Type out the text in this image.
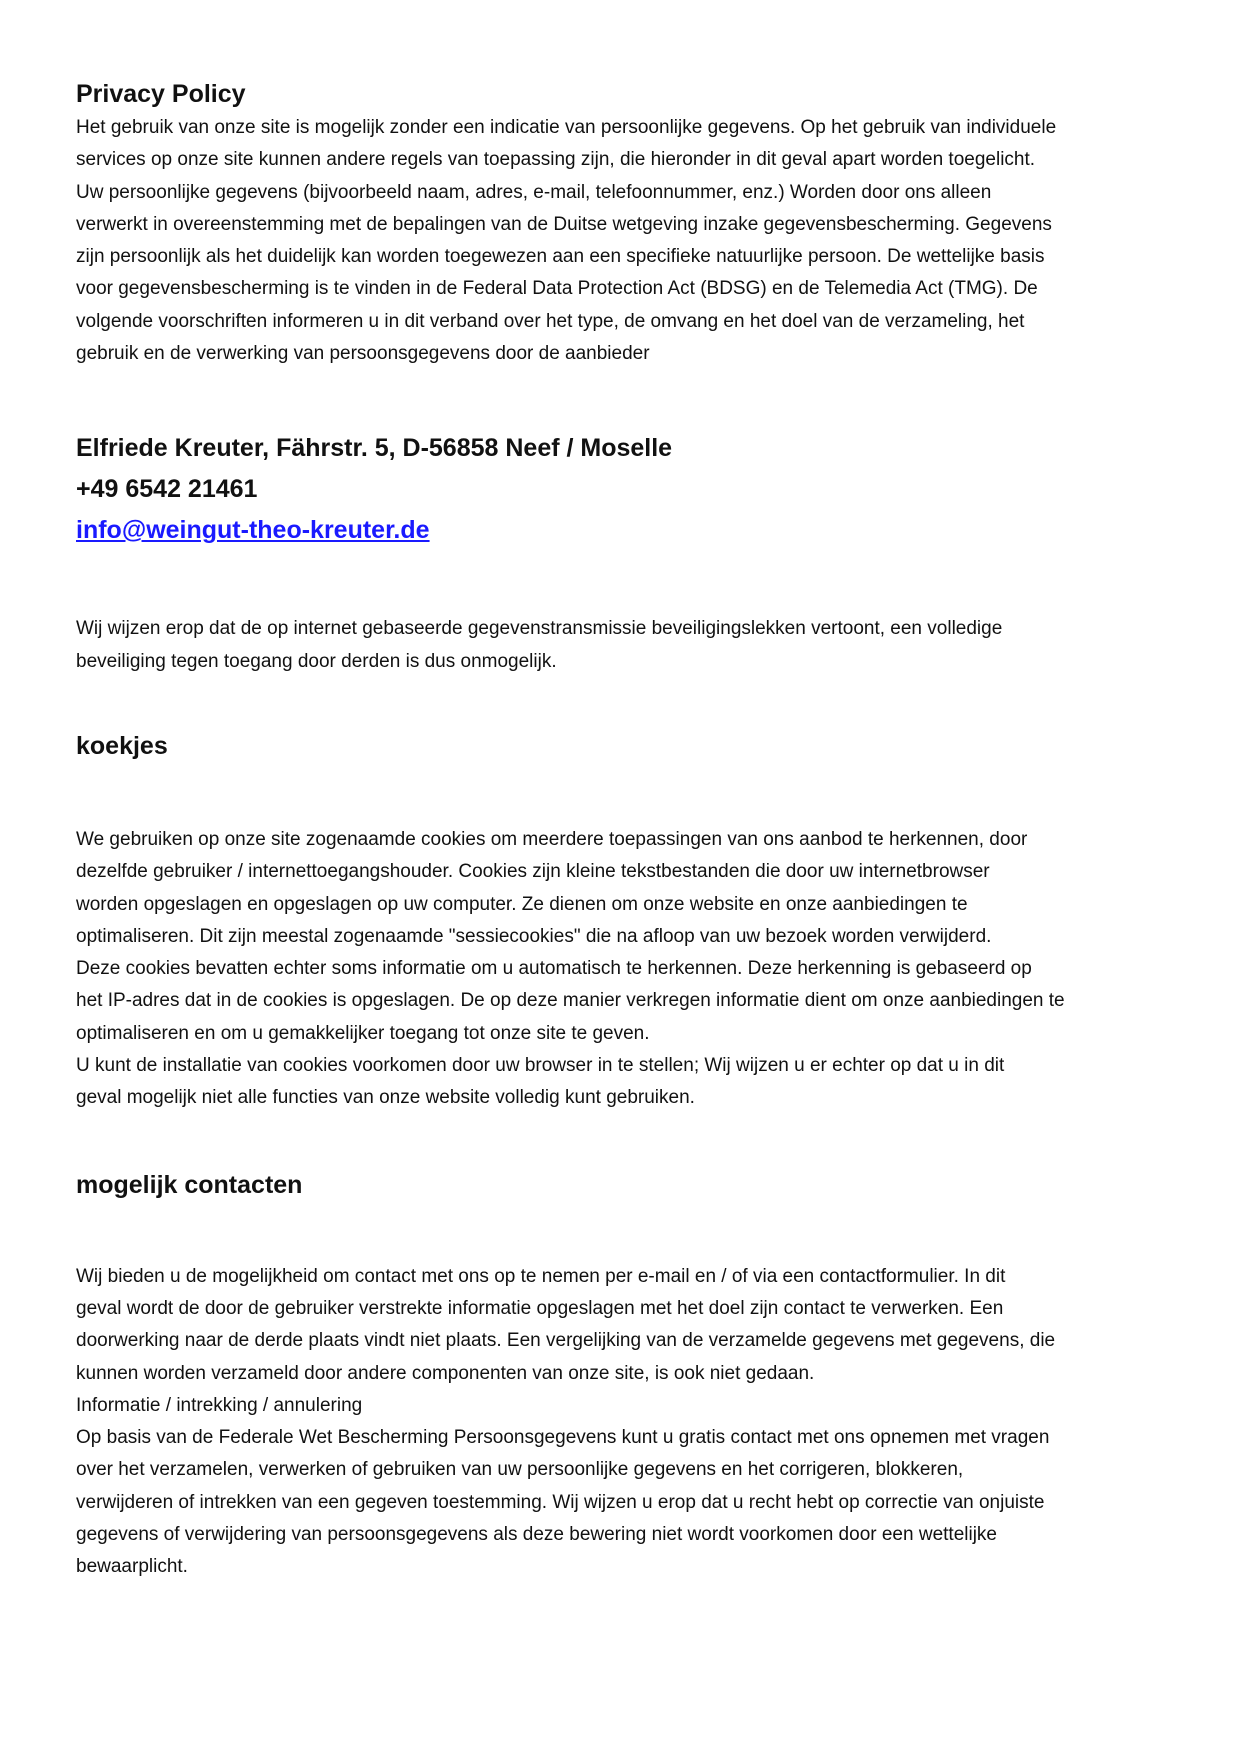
Privacy Policy

Het gebruik van onze site is mogelijk zonder een indicatie van persoonlijke gegevens. Op het gebruik van individuele
services op onze site kunnen andere regels van toepassing zijn, die hieronder in dit geval apart worden toegelicht.
Uw persoonlijke gegevens (bijvoorbeeld naam, adres, e-mail, telefoonnummer, enz.) Worden door ons alleen
verwerkt in overeenstemming met de bepalingen van de Duitse wetgeving inzake gegevensbescherming. Gegevens
zijn persoonlijk als het duidelijk kan worden toegewezen aan een specifieke natuurlijke persoon. De wettelijke basis
voor gegevensbescherming is te vinden in de Federal Data Protection Act (BDSG) en de Telemedia Act (TMG). De
volgende voorschriften informeren u in dit verband over het type, de omvang en het doel van de verzameling, het
gebruik en de verwerking van persoonsgegevens door de aanbieder

Elfriede Kreuter, Fährstr. 5, D-56858 Neef / Moselle
+49 6542 21461
info@weingut-theo-kreuter.de

Wij wijzen erop dat de op internet gebaseerde gegevenstransmissie beveiligingslekken vertoont, een volledige
beveiliging tegen toegang door derden is dus onmogelijk.

koekjes

We gebruiken op onze site zogenaamde cookies om meerdere toepassingen van ons aanbod te herkennen, door
dezelfde gebruiker / internettoegangshouder. Cookies zijn kleine tekstbestanden die door uw internetbrowser
worden opgeslagen en opgeslagen op uw computer. Ze dienen om onze website en onze aanbiedingen te
optimaliseren. Dit zijn meestal zogenaamde "sessiecookies" die na afloop van uw bezoek worden verwijderd.
Deze cookies bevatten echter soms informatie om u automatisch te herkennen. Deze herkenning is gebaseerd op
het IP-adres dat in de cookies is opgeslagen. De op deze manier verkregen informatie dient om onze aanbiedingen te
optimaliseren en om u gemakkelijker toegang tot onze site te geven.
U kunt de installatie van cookies voorkomen door uw browser in te stellen; Wij wijzen u er echter op dat u in dit
geval mogelijk niet alle functies van onze website volledig kunt gebruiken.

mogelijk contacten

Wij bieden u de mogelijkheid om contact met ons op te nemen per e-mail en / of via een contactformulier. In dit
geval wordt de door de gebruiker verstrekte informatie opgeslagen met het doel zijn contact te verwerken. Een
doorwerking naar de derde plaats vindt niet plaats. Een vergelijking van de verzamelde gegevens met gegevens, die
kunnen worden verzameld door andere componenten van onze site, is ook niet gedaan.
Informatie / intrekking / annulering
Op basis van de Federale Wet Bescherming Persoonsgegevens kunt u gratis contact met ons opnemen met vragen
over het verzamelen, verwerken of gebruiken van uw persoonlijke gegevens en het corrigeren, blokkeren,
verwijderen of intrekken van een gegeven toestemming. Wij wijzen u erop dat u recht hebt op correctie van onjuiste
gegevens of verwijdering van persoonsgegevens als deze bewering niet wordt voorkomen door een wettelijke
bewaarplicht.
